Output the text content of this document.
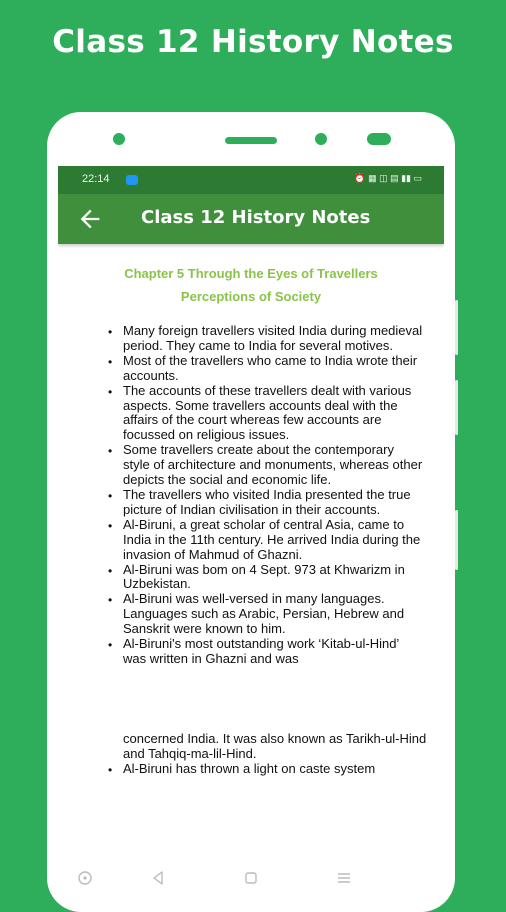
Class 12 History Notes
22:14	⏰ ▦ ◫ ▤ ▮▮ ▭
Class 12 History Notes
Chapter 5 Through the Eyes of Travellers
Perceptions of Society
• Many foreign travellers visited India during medieval period. They came to India for several motives.
• Most of the travellers who came to India wrote their accounts.
• The accounts of these travellers dealt with various aspects. Some travellers accounts deal with the affairs of the court whereas few accounts are focussed on religious issues.
• Some travellers create about the contemporary style of architecture and monuments, whereas other depicts the social and economic life.
• The travellers who visited India presented the true picture of Indian civilisation in their accounts.
• Al-Biruni, a great scholar of central Asia, came to India in the 11th century. He arrived India during the invasion of Mahmud of Ghazni.
• Al-Biruni was bom on 4 Sept. 973 at Khwarizm in Uzbekistan.
• Al-Biruni was well-versed in many languages. Languages such as Arabic, Persian, Hebrew and Sanskrit were known to him.
• Al-Biruni's most outstanding work ‘Kitab-ul-Hind’ was written in Ghazni and was
concerned India. It was also known as Tarikh-ul-Hind and Tahqiq-ma-lil-Hind.
• Al-Biruni has thrown a light on caste system
